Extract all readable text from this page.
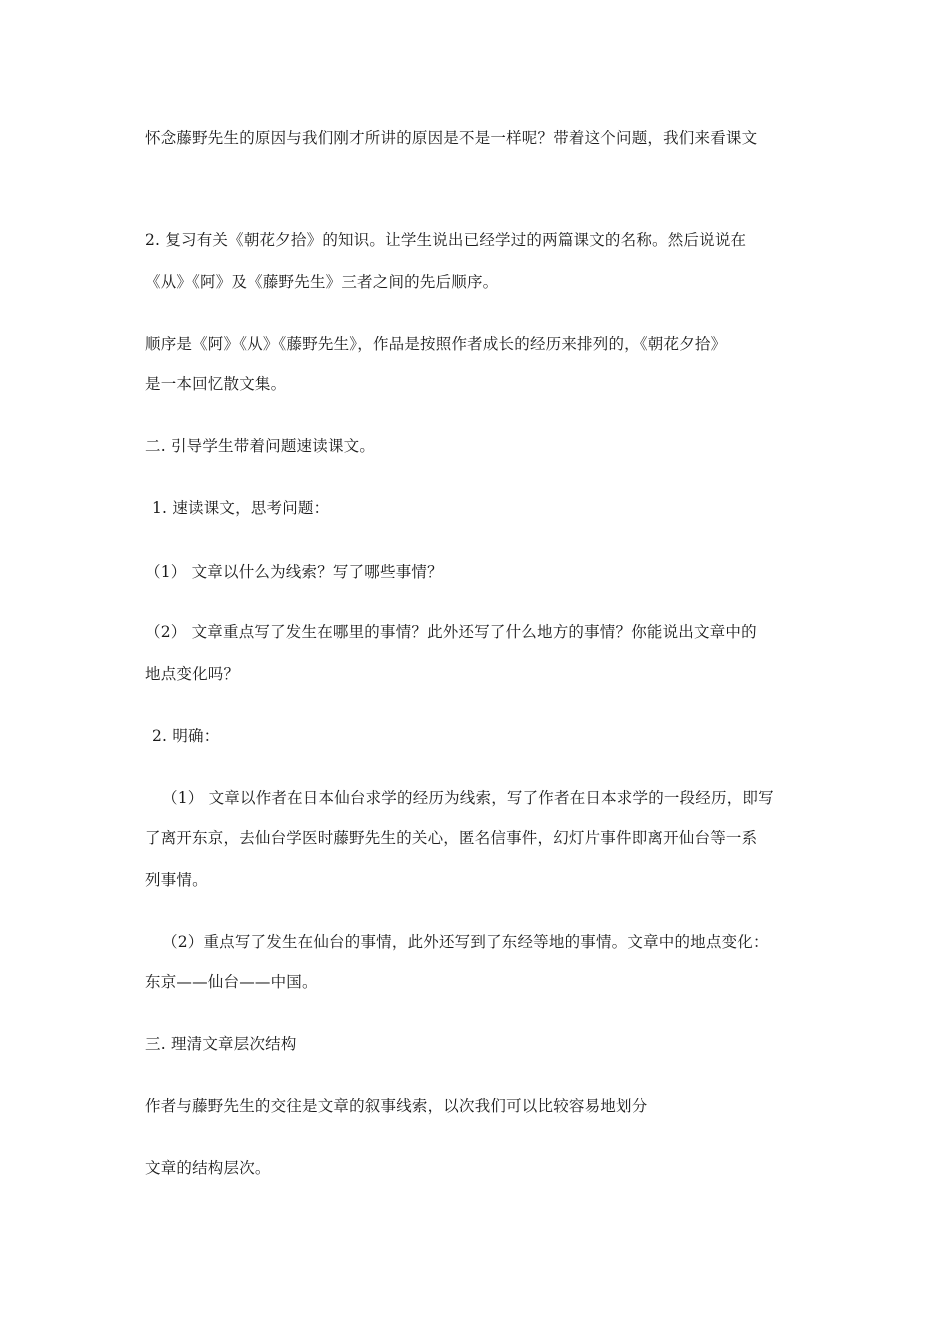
怀念藤野先生的原因与我们刚才所讲的原因是不是一样呢？带着这个问题，我们来看课文
2. 复习有关《朝花夕拾》的知识。让学生说出已经学过的两篇课文的名称。然后说说在
《从》《阿》及《藤野先生》三者之间的先后顺序。
顺序是《阿》《从》《藤野先生》，作品是按照作者成长的经历来排列的，《朝花夕拾》
是一本回忆散文集。
二. 引导学生带着问题速读课文。
1. 速读课文，思考问题：
（1） 文章以什么为线索？写了哪些事情？
（2） 文章重点写了发生在哪里的事情？此外还写了什么地方的事情？你能说出文章中的
地点变化吗？
2. 明确：
（1） 文章以作者在日本仙台求学的经历为线索，写了作者在日本求学的一段经历，即写
了离开东京，去仙台学医时藤野先生的关心，匿名信事件，幻灯片事件即离开仙台等一系
列事情。
（2）重点写了发生在仙台的事情，此外还写到了东经等地的事情。文章中的地点变化：
东京——仙台——中国。
三. 理清文章层次结构
作者与藤野先生的交往是文章的叙事线索，以次我们可以比较容易地划分
文章的结构层次。
